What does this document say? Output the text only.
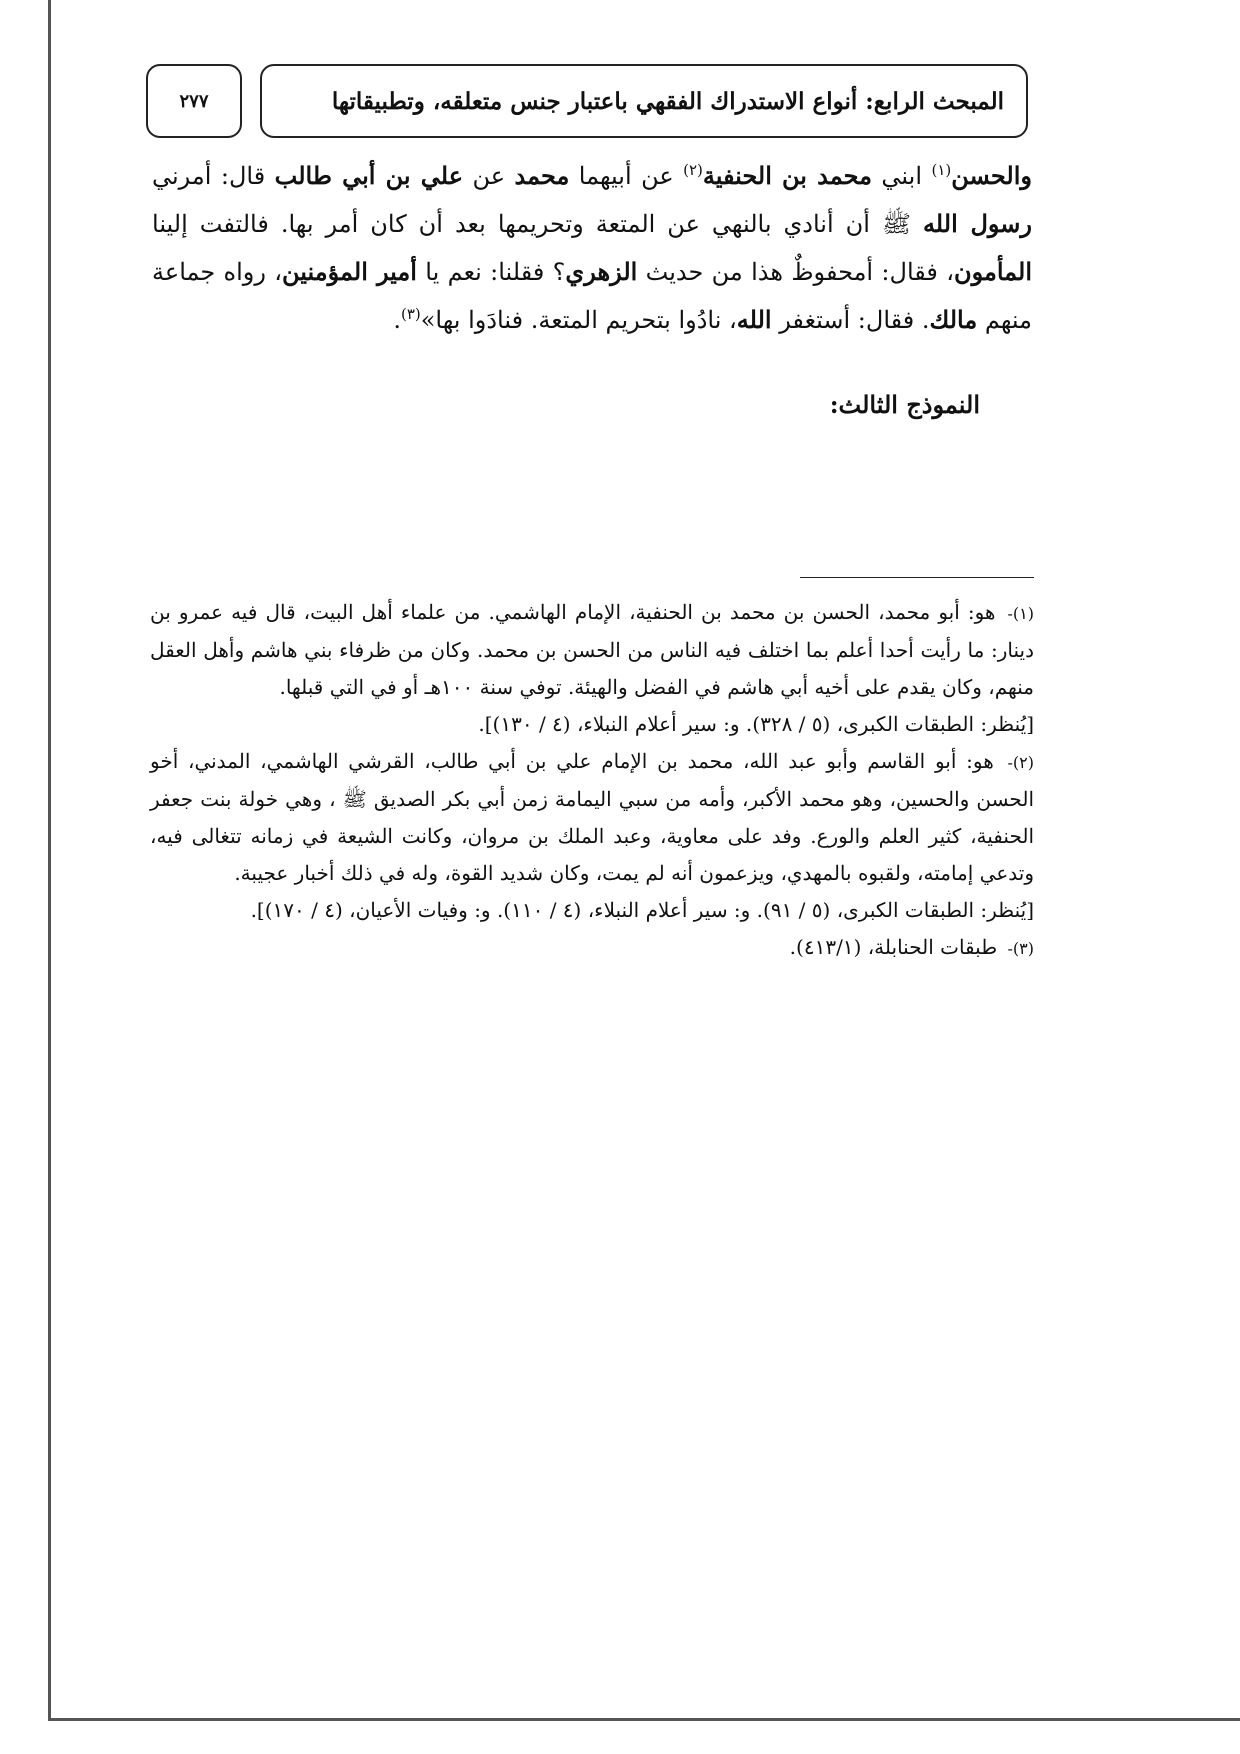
المبحث الرابع: أنواع الاستدراك الفقهي باعتبار جنس متعلقه، وتطبيقاتها
٢٧٧

والحسن$^{(١)}$ ابني محمد بن الحنفية$^{(٢)}$ عن أبيهما محمد عن علي بن أبي طالب قال: أمرني رسول الله ﷺ أن أنادي بالنهي عن المتعة وتحريمها بعد أن كان أمر بها. فالتفت إلينا المأمون، فقال: أمحفوظٌ هذا من حديث الزهري؟ فقلنا: نعم يا أمير المؤمنين، رواه جماعة منهم مالك. فقال: أستغفر الله، نادُوا بتحريم المتعة. فنادَوا بها»$^{(٣)}$.

النموذج الثالث:

(١)- هو: أبو محمد، الحسن بن محمد بن الحنفية، الإمام الهاشمي. من علماء أهل البيت، قال فيه عمرو بن دينار: ما رأيت أحدا أعلم بما اختلف فيه الناس من الحسن بن محمد. وكان من ظرفاء بني هاشم وأهل العقل منهم، وكان يقدم على أخيه أبي هاشم في الفضل والهيئة. توفي سنة ١٠٠هـ أو في التي قبلها.

[يُنظر: الطبقات الكبرى، (٥ / ٣٢٨). و: سير أعلام النبلاء، (٤ / ١٣٠)].

(٢)- هو: أبو القاسم وأبو عبد الله، محمد بن الإمام علي بن أبي طالب، القرشي الهاشمي، المدني، أخو الحسن والحسين، وهو محمد الأكبر، وأمه من سبي اليمامة زمن أبي بكر الصديق ﷺ ، وهي خولة بنت جعفر الحنفية، كثير العلم والورع. وفد على معاوية، وعبد الملك بن مروان، وكانت الشيعة في زمانه تتغالى فيه، وتدعي إمامته، ولقبوه بالمهدي، ويزعمون أنه لم يمت، وكان شديد القوة، وله في ذلك أخبار عجيبة.

[يُنظر: الطبقات الكبرى، (٥ / ٩١). و: سير أعلام النبلاء، (٤ / ١١٠). و: وفيات الأعيان، (٤ / ١٧٠)].

(٣)- طبقات الحنابلة، (٤١٣/١).
